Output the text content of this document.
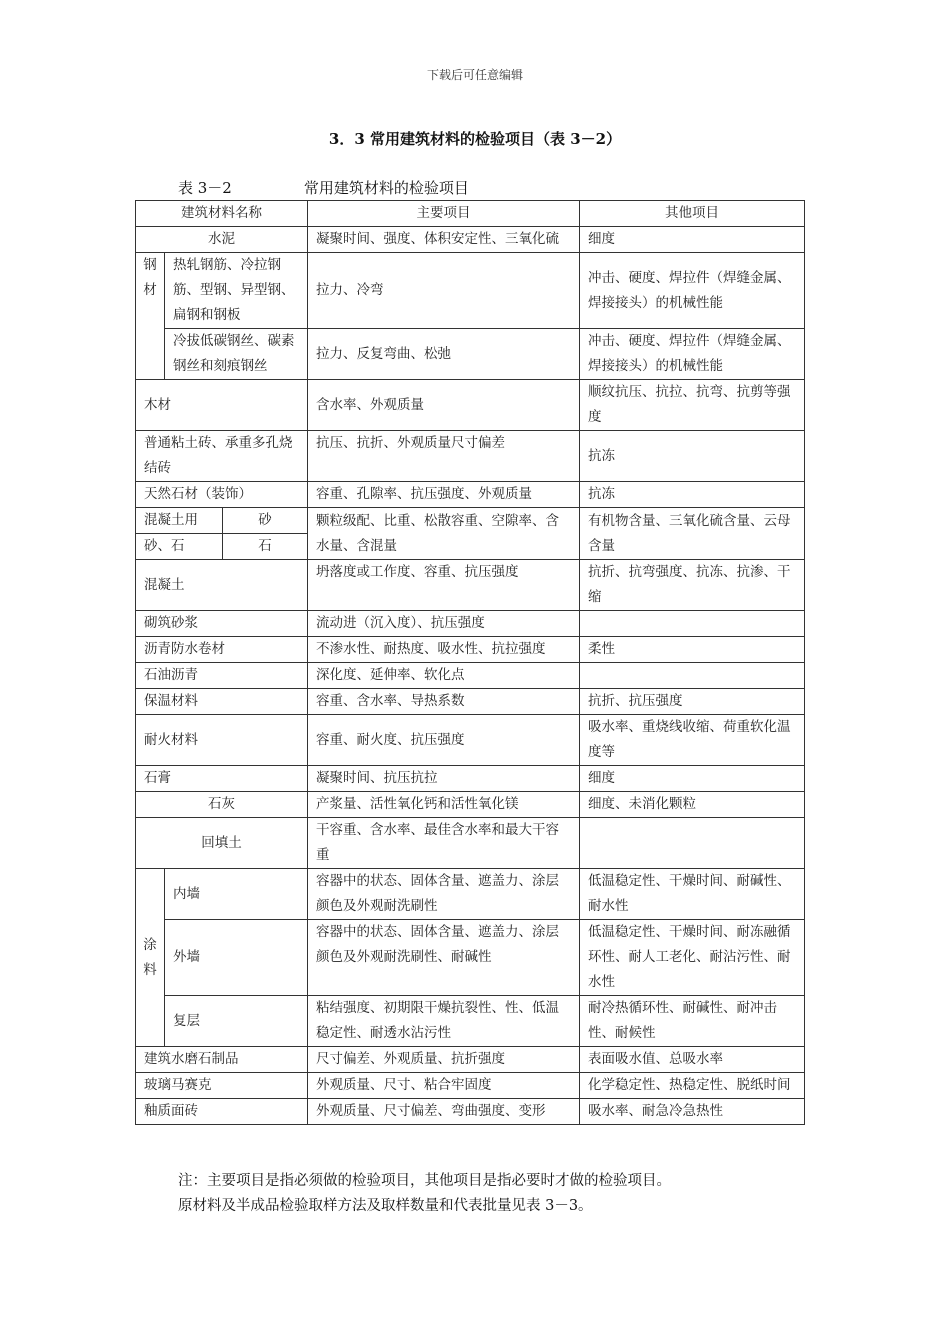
下载后可任意编辑
3．3 常用建筑材料的检验项目（表 3－2）
表 3－2	常用建筑材料的检验项目
建筑材料名称			主要项目	其他项目
水泥			凝聚时间、强度、体积安定性、三氧化硫	细度

钢
材	热轧钢筋、冷拉钢筋、型钢、异型钢、扁钢和钢板		拉力、冷弯	冲击、硬度、焊拉件（焊缝金属、焊接接头）的机械性能
	冷拔低碳钢丝、碳素钢丝和刻痕钢丝		拉力、反复弯曲、松弛	冲击、硬度、焊拉件（焊缝金属、焊接接头）的机械性能
木材			含水率、外观质量	顺纹抗压、抗拉、抗弯、抗剪等强度
普通粘土砖、承重多孔烧结砖			抗压、抗折、外观质量尺寸偏差	抗冻
天然石材（装饰）			容重、孔隙率、抗压强度、外观质量	抗冻
混凝土用		砂	颗粒级配、比重、松散容重、空隙率、含水量、含混量	有机物含量、三氧化硫含量、云母含量
砂、石		石		
混凝土			坍落度或工作度、容重、抗压强度	抗折、抗弯强度、抗冻、抗渗、干缩
砌筑砂浆			流动进（沉入度）、抗压强度	
沥青防水卷材			不渗水性、耐热度、吸水性、抗拉强度	柔性
石油沥青			深化度、延伸率、软化点	
保温材料			容重、含水率、导热系数	抗折、抗压强度
耐火材料			容重、耐火度、抗压强度	吸水率、重烧线收缩、荷重软化温度等
石膏			凝聚时间、抗压抗拉	细度
石灰			产浆量、活性氧化钙和活性氧化镁	细度、未消化颗粒
回填土			干容重、含水率、最佳含水率和最大干容重	

涂
料	内墙		容器中的状态、固体含量、遮盖力、涂层颜色及外观耐洗刷性	低温稳定性、干燥时间、耐碱性、耐水性
	外墙		容器中的状态、固体含量、遮盖力、涂层颜色及外观耐洗刷性、耐碱性	低温稳定性、干燥时间、耐冻融循环性、耐人工老化、耐沾污性、耐水性
	复层		粘结强度、初期限干燥抗裂性、性、低温稳定性、耐透水沾污性	耐冷热循环性、耐碱性、耐冲击性、耐候性
建筑水磨石制品			尺寸偏差、外观质量、抗折强度	表面吸水值、总吸水率
玻璃马赛克			外观质量、尺寸、粘合牢固度	化学稳定性、热稳定性、脱纸时间
釉质面砖			外观质量、尺寸偏差、弯曲强度、变形	吸水率、耐急冷急热性
注：主要项目是指必须做的检验项目，其他项目是指必要时才做的检验项目。
原材料及半成品检验取样方法及取样数量和代表批量见表 3－3。
